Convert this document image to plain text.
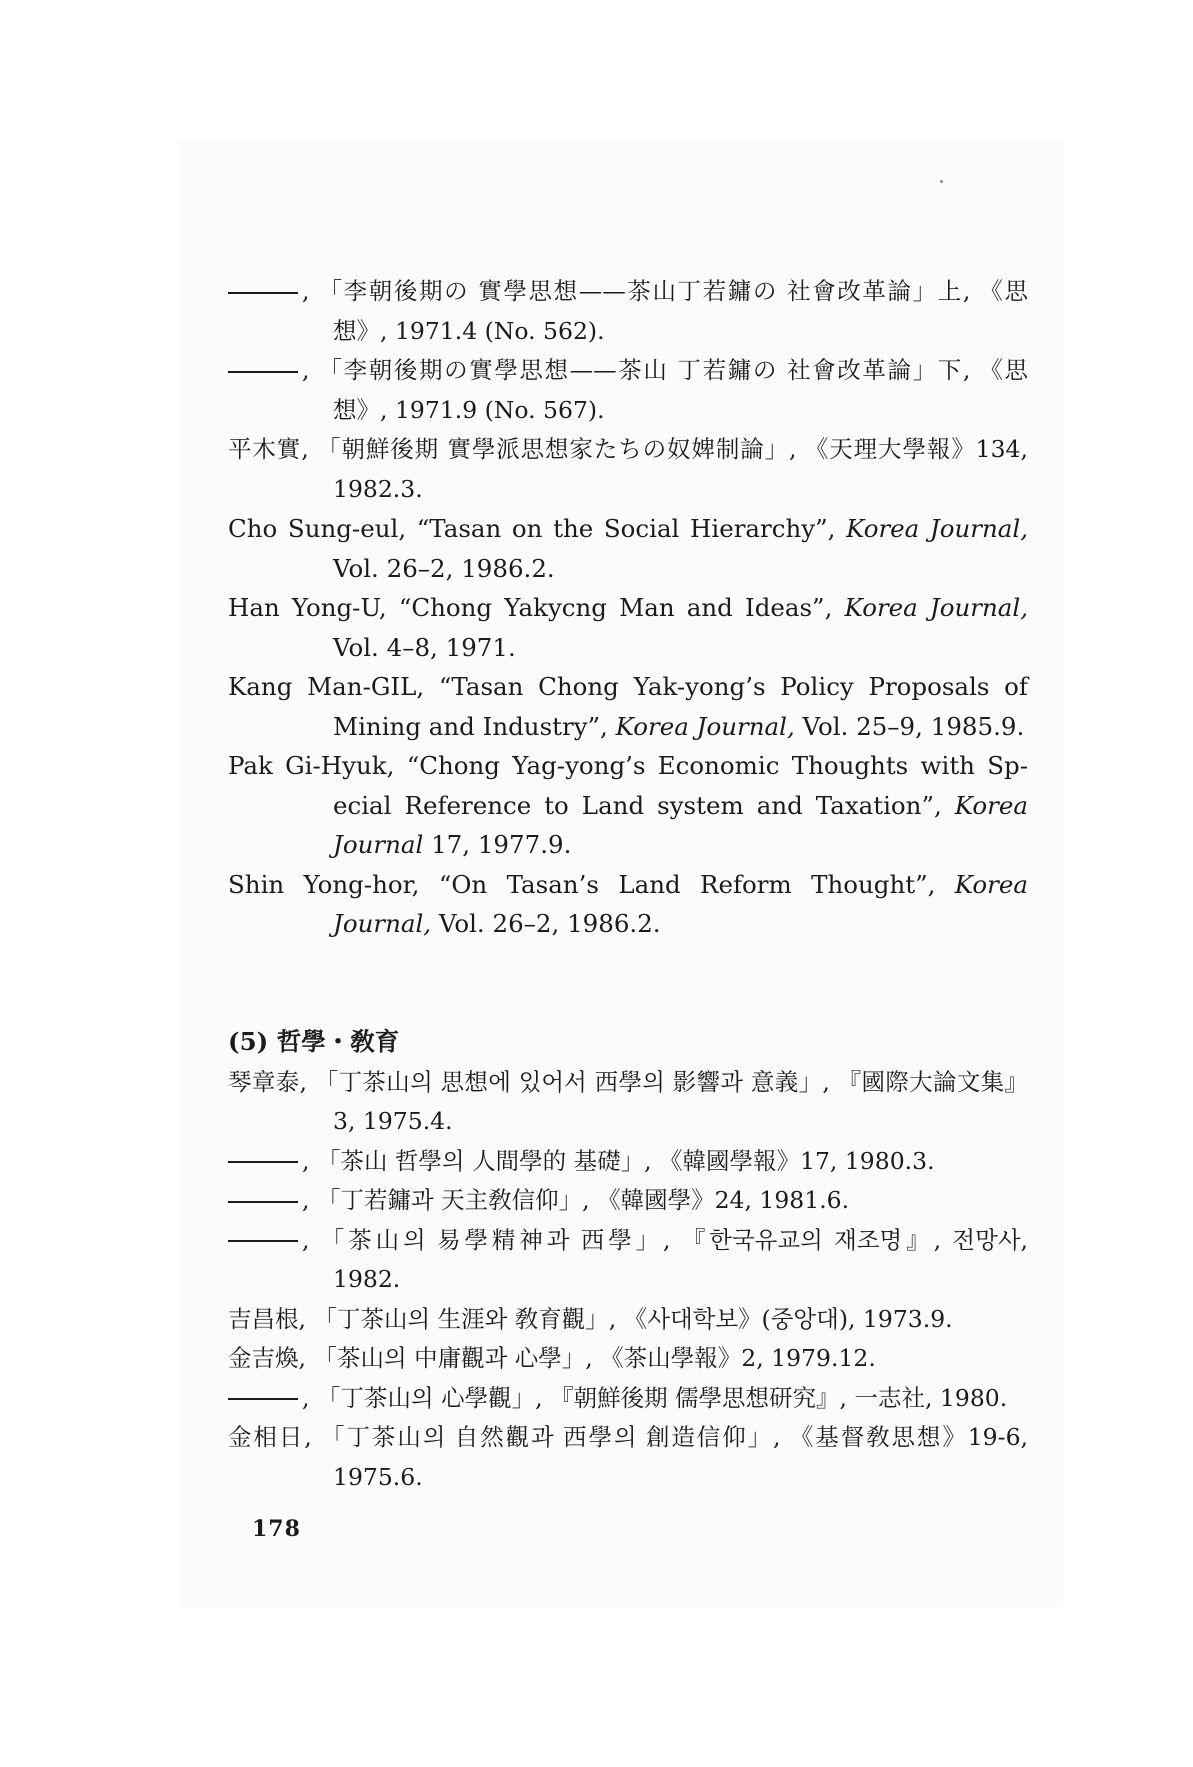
, 「李朝後期の 實學思想——茶山丁若鏞の 社會改革論」上, 《思想》, 1971.4 (No. 562).
, 「李朝後期の實學思想——茶山 丁若鏞の 社會改革論」下, 《思想》, 1971.9 (No. 567).
平木實, 「朝鮮後期 實學派思想家たちの奴婢制論」, 《天理大學報》134, 1982.3.
Cho Sung-eul, “Tasan on the Social Hierarchy”, Korea Journal, Vol. 26–2, 1986.2.
Han Yong-U, “Chong Yakycng Man and Ideas”, Korea Journal, Vol. 4–8, 1971.
Kang Man-GIL, “Tasan Chong Yak-yong’s Policy Proposals of Mining and Industry”, Korea Journal, Vol. 25–9, 1985.9.
Pak Gi-Hyuk, “Chong Yag-yong’s Economic Thoughts with Sp-ecial Reference to Land system and Taxation”, Korea Journal 17, 1977.9.
Shin Yong-hor, “On Tasan’s Land Reform Thought”, Korea Journal, Vol. 26–2, 1986.2.
(5) 哲學・敎育
琴章泰, 「丁茶山의 思想에 있어서 西學의 影響과 意義」, 『國際大論文集』3, 1975.4.
, 「茶山 哲學의 人間學的 基礎」, 《韓國學報》17, 1980.3.
, 「丁若鏞과 天主敎信仰」, 《韓國學》24, 1981.6.
, 「茶山의 易學精神과 西學」, 『한국유교의 재조명』, 전망사, 1982.
吉昌根, 「丁茶山의 生涯와 敎育觀」, 《사대학보》(중앙대), 1973.9.
金吉煥, 「茶山의 中庸觀과 心學」, 《茶山學報》2, 1979.12.
, 「丁茶山의 心學觀」, 『朝鮮後期 儒學思想研究』, 一志社, 1980.
金相日, 「丁茶山의 自然觀과 西學의 創造信仰」, 《基督敎思想》19-6, 1975.6.
178
